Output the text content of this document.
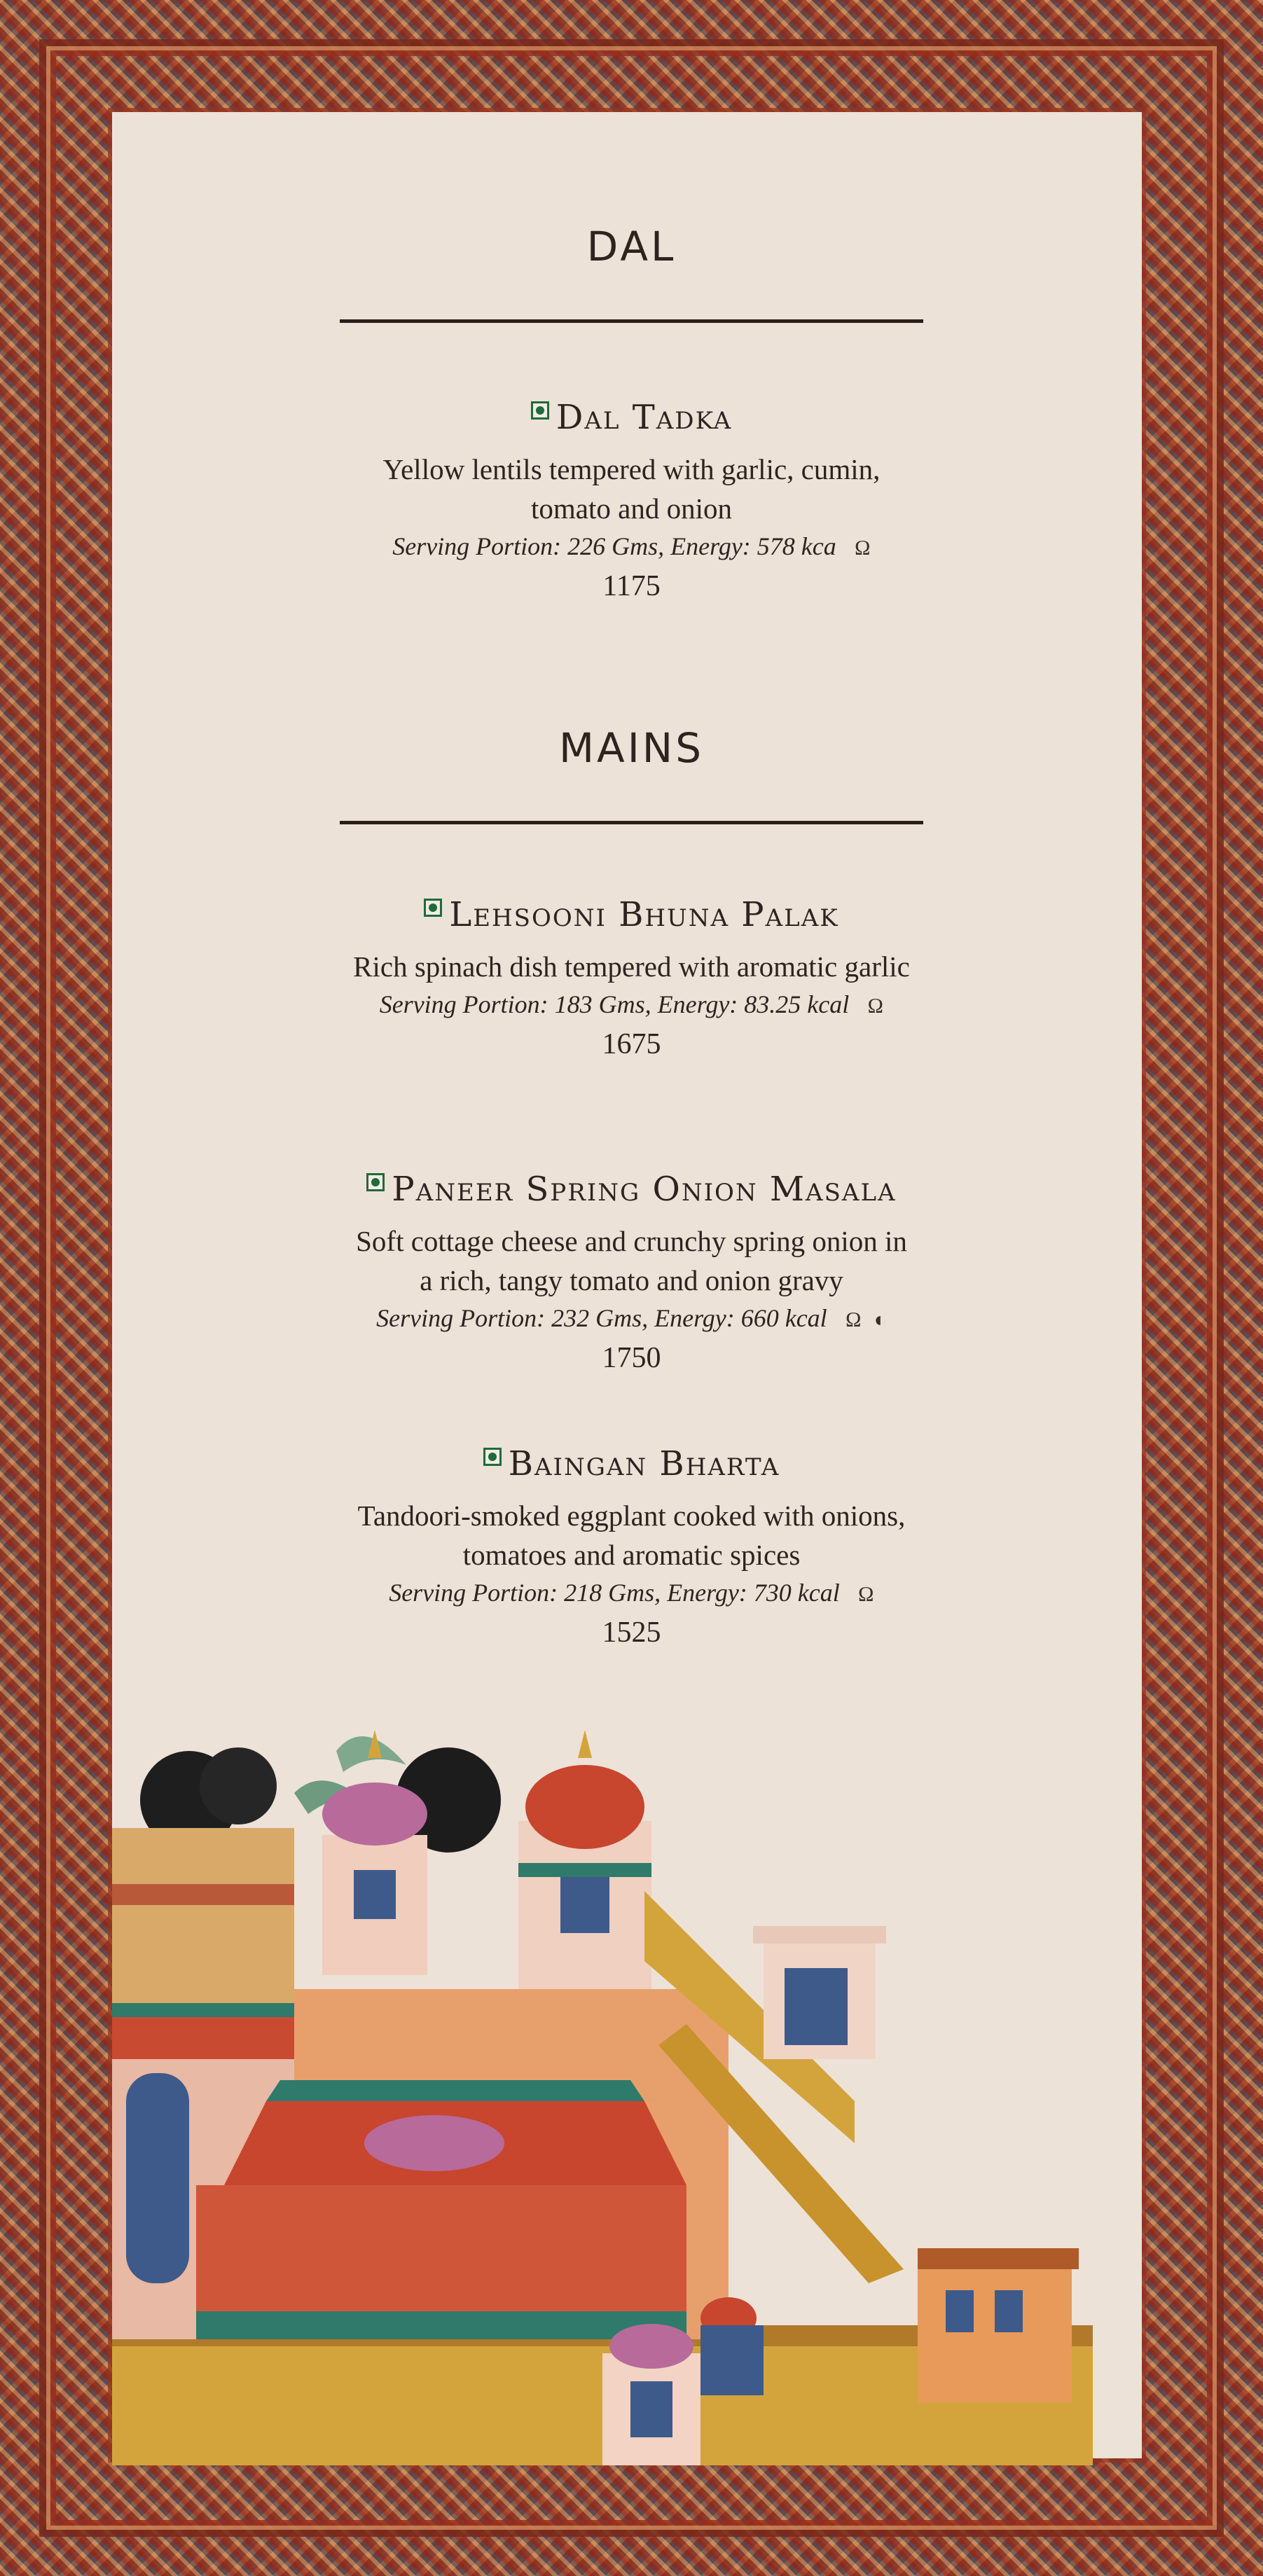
DAL
Dal Tadka
Yellow lentils tempered with garlic, cumin,
tomato and onion
Serving Portion: 226 Gms, Energy: 578 kca Ω
1175
MAINS
Lehsooni Bhuna Palak
Rich spinach dish tempered with aromatic garlic
Serving Portion: 183 Gms, Energy: 83.25 kcal Ω
1675
Paneer Spring Onion Masala
Soft cottage cheese and crunchy spring onion in
a rich, tangy tomato and onion gravy
Serving Portion: 232 Gms, Energy: 660 kcal Ω ◐
1750
Baingan Bharta
Tandoori-smoked eggplant cooked with onions,
tomatoes and aromatic spices
Serving Portion: 218 Gms, Energy: 730 kcal Ω
1525
